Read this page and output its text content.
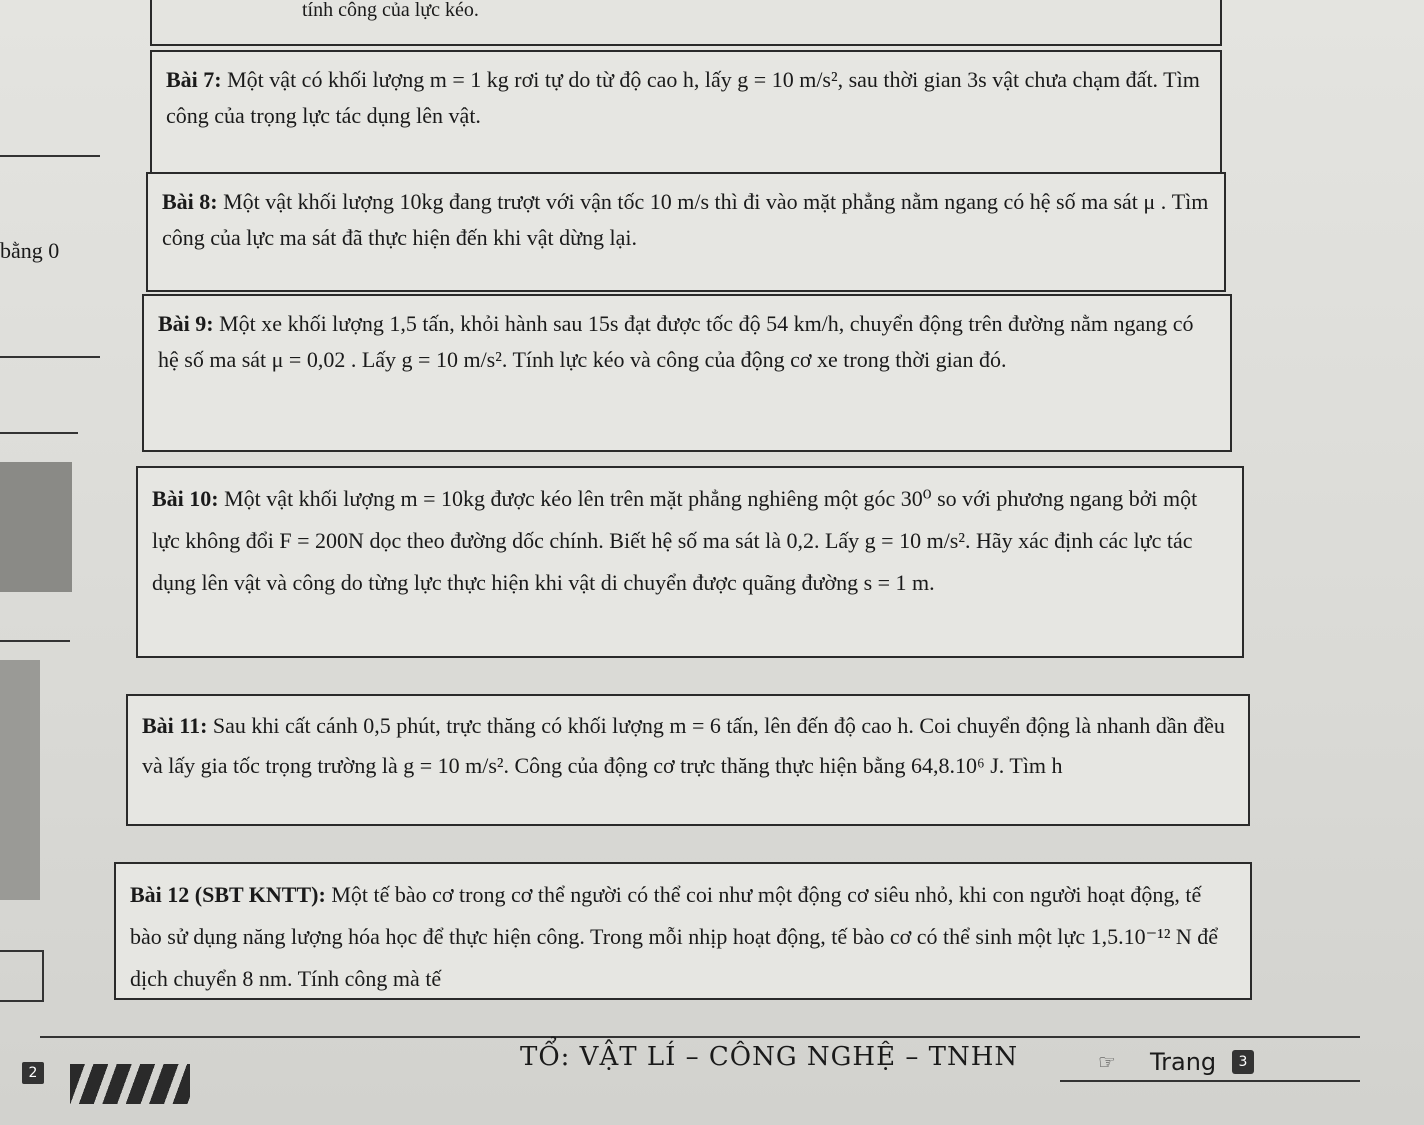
tính công của lực kéo.
bằng 0
Bài 7: Một vật có khối lượng m = 1 kg rơi tự do từ độ cao h, lấy g = 10 m/s², sau thời gian 3s vật chưa chạm đất. Tìm công của trọng lực tác dụng lên vật.
Bài 8: Một vật khối lượng 10kg đang trượt với vận tốc 10 m/s thì đi vào mặt phẳng nằm ngang có hệ số ma sát μ . Tìm công của lực ma sát đã thực hiện đến khi vật dừng lại.
Bài 9: Một xe khối lượng 1,5 tấn, khỏi hành sau 15s đạt được tốc độ 54 km/h, chuyển động trên đường nằm ngang có hệ số ma sát μ = 0,02 . Lấy g = 10 m/s². Tính lực kéo và công của động cơ xe trong thời gian đó.
Bài 10: Một vật khối lượng m = 10kg được kéo lên trên mặt phẳng nghiêng một góc 30⁰ so với phương ngang bởi một lực không đổi F = 200N dọc theo đường dốc chính. Biết hệ số ma sát là 0,2. Lấy g = 10 m/s². Hãy xác định các lực tác dụng lên vật và công do từng lực thực hiện khi vật di chuyển được quãng đường s = 1 m.
Bài 11: Sau khi cất cánh 0,5 phút, trực thăng có khối lượng m = 6 tấn, lên đến độ cao h. Coi chuyển động là nhanh dần đều và lấy gia tốc trọng trường là g = 10 m/s². Công của động cơ trực thăng thực hiện bằng 64,8.10⁶ J. Tìm h
Bài 12 (SBT KNTT): Một tế bào cơ trong cơ thể người có thể coi như một động cơ siêu nhỏ, khi con người hoạt động, tế bào sử dụng năng lượng hóa học để thực hiện công. Trong mỗi nhịp hoạt động, tế bào cơ có thể sinh một lực 1,5.10⁻¹² N để dịch chuyển 8 nm. Tính công mà tế
2
TỔ: VẬT LÍ – CÔNG NGHỆ – TNHN	☞	Trang	3
